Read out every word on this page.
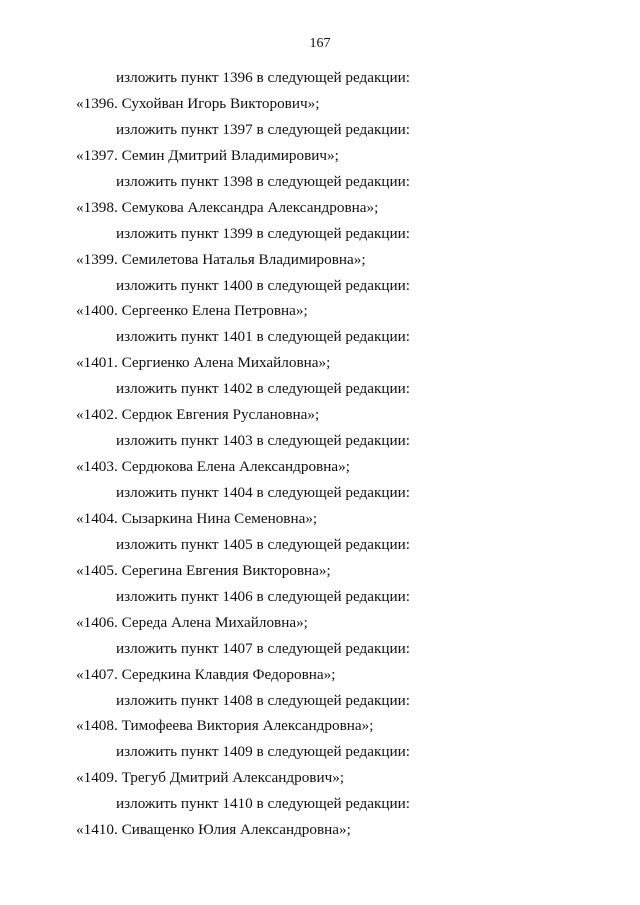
167
изложить пункт 1396 в следующей редакции:
«1396. Сухойван Игорь Викторович»;
изложить пункт 1397 в следующей редакции:
«1397. Семин Дмитрий Владимирович»;
изложить пункт 1398 в следующей редакции:
«1398. Семукова Александра Александровна»;
изложить пункт 1399 в следующей редакции:
«1399. Семилетова Наталья Владимировна»;
изложить пункт 1400 в следующей редакции:
«1400. Сергеенко Елена Петровна»;
изложить пункт 1401 в следующей редакции:
«1401. Сергиенко Алена Михайловна»;
изложить пункт 1402 в следующей редакции:
«1402. Сердюк Евгения Руслановна»;
изложить пункт 1403 в следующей редакции:
«1403. Сердюкова Елена Александровна»;
изложить пункт 1404 в следующей редакции:
«1404. Сызаркина Нина Семеновна»;
изложить пункт 1405 в следующей редакции:
«1405. Серегина Евгения Викторовна»;
изложить пункт 1406 в следующей редакции:
«1406. Середа Алена Михайловна»;
изложить пункт 1407 в следующей редакции:
«1407. Середкина Клавдия Федоровна»;
изложить пункт 1408 в следующей редакции:
«1408. Тимофеева Виктория Александровна»;
изложить пункт 1409 в следующей редакции:
«1409. Трегуб Дмитрий Александрович»;
изложить пункт 1410 в следующей редакции:
«1410. Сиващенко Юлия Александровна»;
